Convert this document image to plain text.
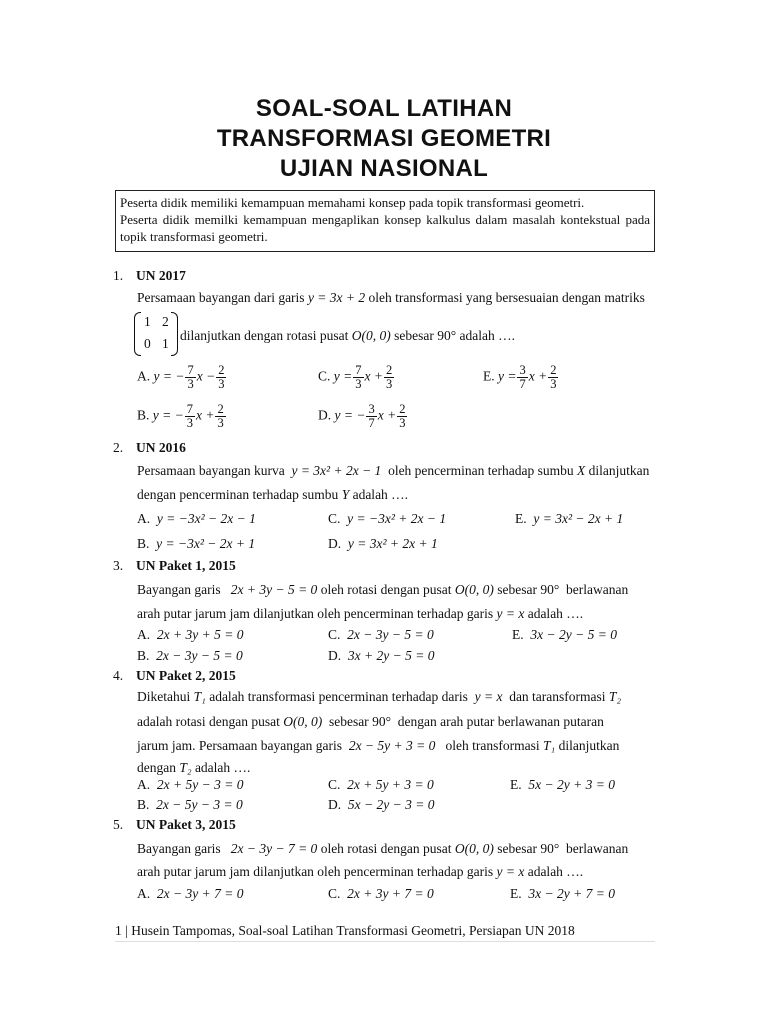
SOAL-SOAL LATIHAN
TRANSFORMASI GEOMETRI
UJIAN NASIONAL

Peserta didik memiliki kemampuan memahami konsep pada topik transformasi geometri.

Peserta didik memilki kemampuan mengaplikan konsep kalkulus dalam masalah kontekstual pada topik transformasi geometri.

1. UN 2017
Persamaan bayangan dari garis y = 3x + 2 oleh transformasi yang bersesuaian dengan matriks
1 2
0 1
dilanjutkan dengan rotasi pusat O(0, 0) sebesar 90° adalah ….
A. y = − $\frac{7}{3}$ $x - \frac{2}{3}$
B. y = − $\frac{7}{3}$ $x + \frac{2}{3}$
C. $y = \frac{7}{3}$ $x + \frac{2}{3}$
D. y = − $\frac{3}{7}$ $x + \frac{2}{3}$
E. $y = \frac{3}{7}$ $x + \frac{2}{3}$
2. UN 2016
Persamaan bayangan kurva y = 3x² + 2x − 1 oleh pencerminan terhadap sumbu X dilanjutkan
dengan pencerminan terhadap sumbu Y adalah ….
A. y = −3x² − 2x − 1
B. y = −3x² − 2x + 1
C. y = −3x² + 2x − 1
D. y = 3x² + 2x + 1
E. y = 3x² − 2x + 1
3. UN Paket 1, 2015
Bayangan garis 2x + 3y − 5 = 0 oleh rotasi dengan pusat O(0, 0) sebesar 90° berlawanan
arah putar jarum jam dilanjutkan oleh pencerminan terhadap garis y = x adalah ….
A. 2x + 3y + 5 = 0
B. 2x − 3y − 5 = 0
C. 2x − 3y − 5 = 0
D. 3x + 2y − 5 = 0
E. 3x − 2y − 5 = 0
4. UN Paket 2, 2015
Diketahui T₁ adalah transformasi pencerminan terhadap daris y = x dan taransformasi T₂
adalah rotasi dengan pusat O(0, 0) sebesar 90° dengan arah putar berlawanan putaran
jarum jam. Persamaan bayangan garis 2x − 5y + 3 = 0 oleh transformasi T₁ dilanjutkan
dengan T₂ adalah ….
A. 2x + 5y − 3 = 0
B. 2x − 5y − 3 = 0
C. 2x + 5y + 3 = 0
D. 5x − 2y − 3 = 0
E. 5x − 2y + 3 = 0
5. UN Paket 3, 2015
Bayangan garis 2x − 3y − 7 = 0 oleh rotasi dengan pusat O(0, 0) sebesar 90° berlawanan
arah putar jarum jam dilanjutkan oleh pencerminan terhadap garis y = x adalah ….
A. 2x − 3y + 7 = 0	C. 2x + 3y + 7 = 0	E. 3x − 2y + 7 = 0
1 | Husein Tampomas, Soal-soal Latihan Transformasi Geometri, Persiapan UN 2018
